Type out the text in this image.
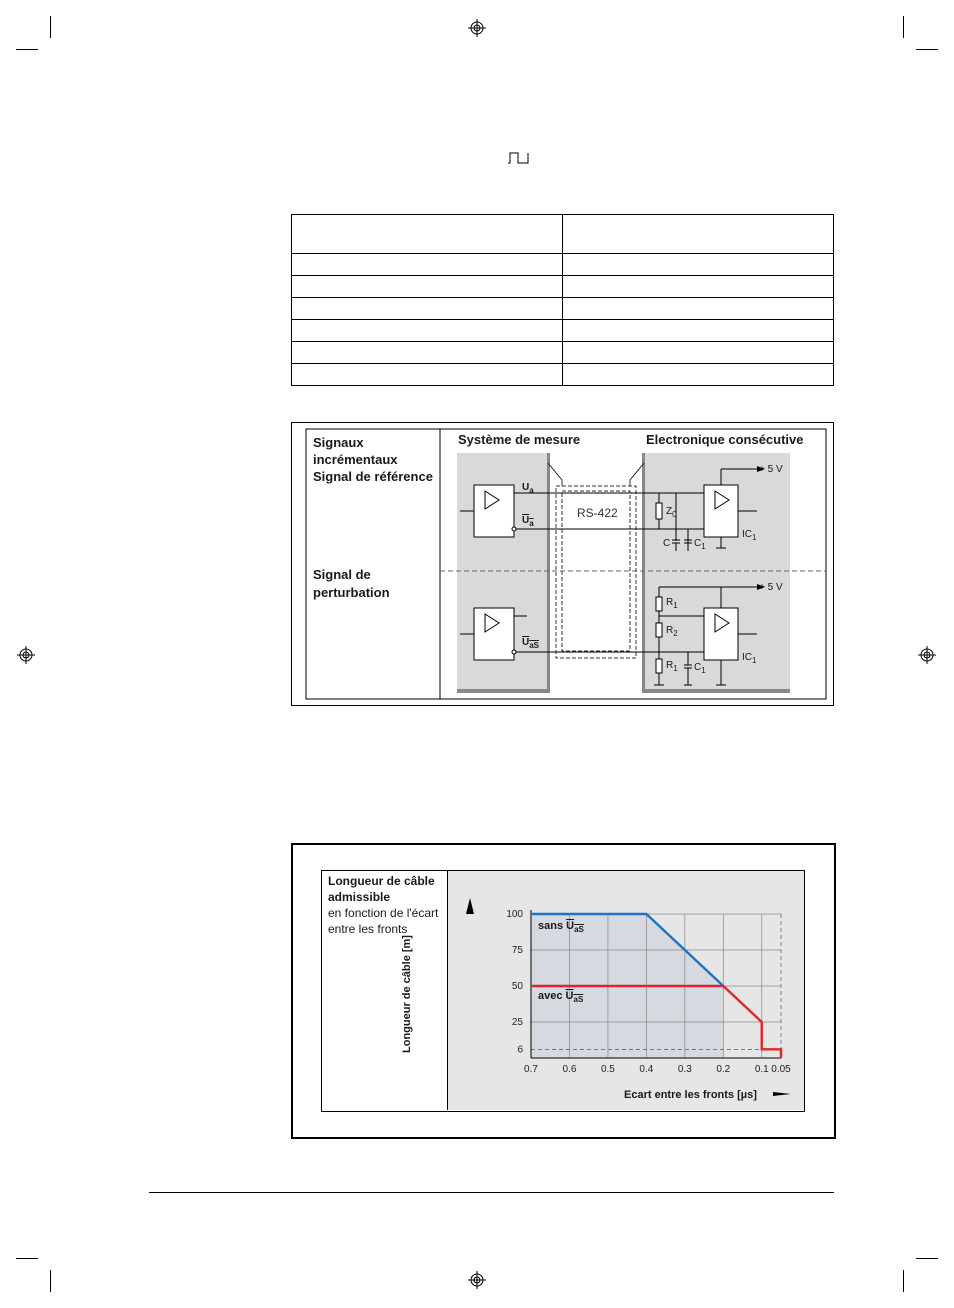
Signaux
incrémentaux
Signal de référence
Signal de
perturbation
Système de mesure	Electronique consécutive
$U_a$
$U_a$
$U_{aS}$
RS-422	$Z_0$
C $C_1$
$IC_1$
+ 5 V
+ 5 V
$R_1$
$R_2$
$R_1$ $C_1$
$IC_1$
Longueur de câble
admissible
en fonction de l'écart
entre les fronts
0.7 0.6 0.5 0.4 0.3 0.2 0.1 0.05
100
75
50
25
6
sans $\overline{U}_{\overline{aS}}$
avec $\overline{U}_{\overline{aS}}$
Longueur de câble [m]
Ecart entre les fronts [µs]
